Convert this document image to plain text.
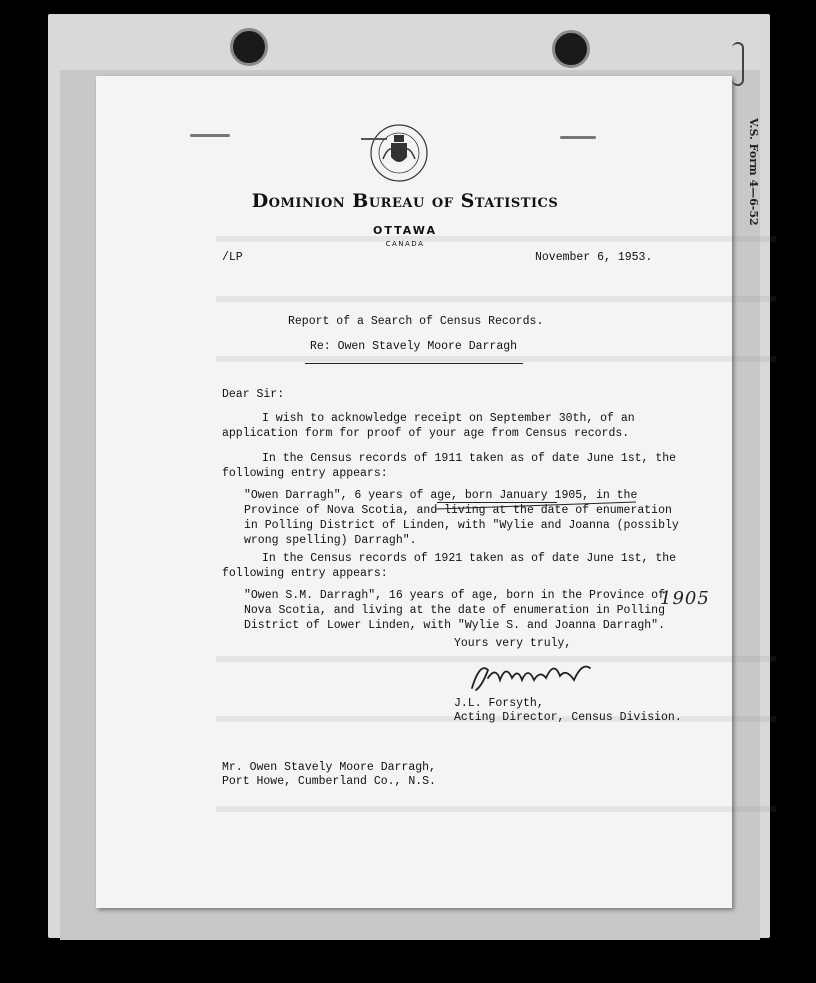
V.S. Form 4—6-52
Dominion Bureau of Statistics
OTTAWA
CANADA
/LP	November 6, 1953.
Report of a Search of Census Records.
Re: Owen Stavely Moore Darragh
Dear Sir:
I wish to acknowledge receipt on September 30th, of an
application form for proof of your age from Census records.
In the Census records of 1911 taken as of date June 1st, the
following entry appears:
"Owen Darragh", 6 years of age, born January 1905, in the
Province of Nova Scotia, and living at the date of enumeration
in Polling District of Linden, with "Wylie and Joanna (possibly
wrong spelling) Darragh".
In the Census records of 1921 taken as of date June 1st, the
following entry appears:
"Owen S.M. Darragh", 16 years of age, born in the Province of
Nova Scotia, and living at the date of enumeration in Polling
District of Lower Linden, with "Wylie S. and Joanna Darragh".
1905
Yours very truly,
J.L. Forsyth,
Acting Director, Census Division.
Mr. Owen Stavely Moore Darragh,
Port Howe, Cumberland Co., N.S.
